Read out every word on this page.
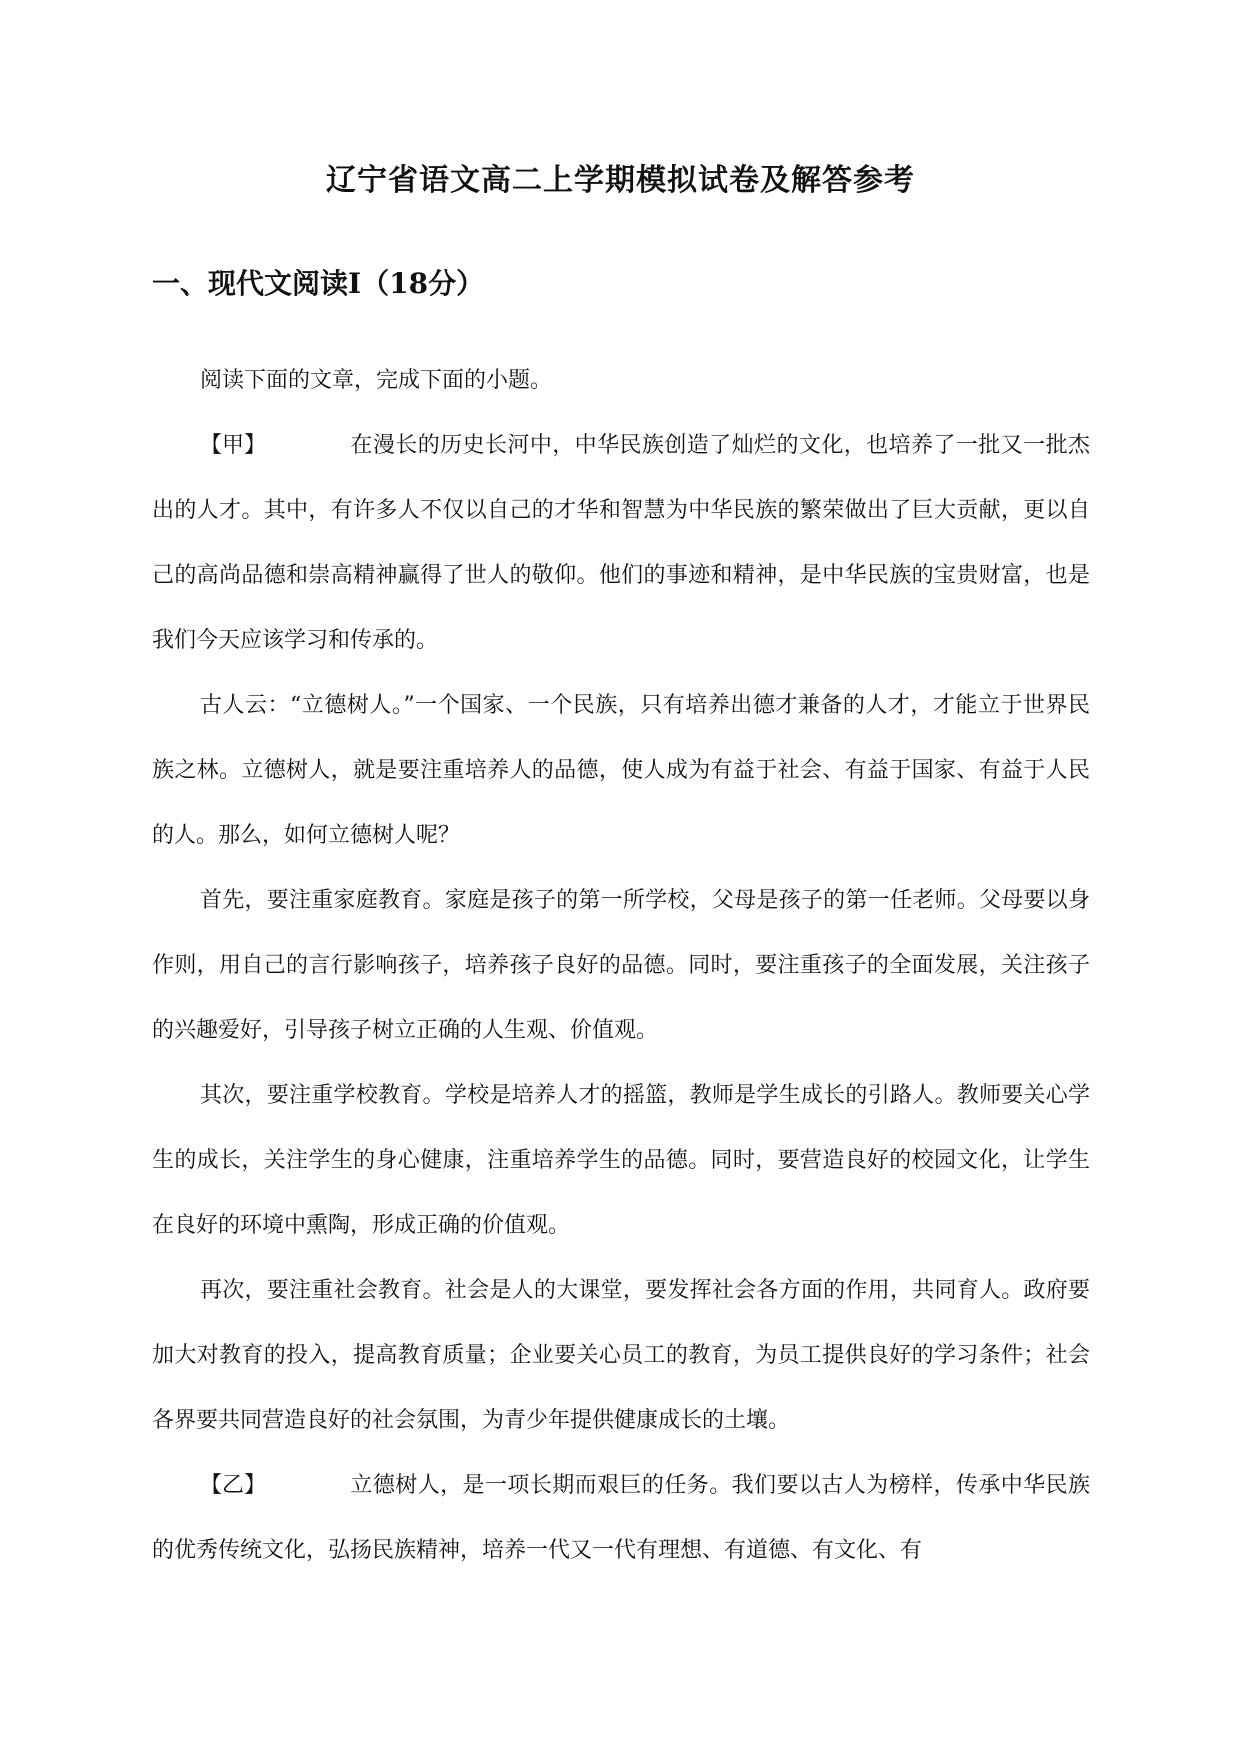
辽宁省语文高二上学期模拟试卷及解答参考
一、现代文阅读Ⅰ（18分）

阅读下面的文章，完成下面的小题。

【甲】	在漫长的历史长河中，中华民族创造了灿烂的文化，也培养了一批又一批杰出的人才。其中，有许多人不仅以自己的才华和智慧为中华民族的繁荣做出了巨大贡献，更以自己的高尚品德和崇高精神赢得了世人的敬仰。他们的事迹和精神，是中华民族的宝贵财富，也是我们今天应该学习和传承的。

古人云：“立德树人。”一个国家、一个民族，只有培养出德才兼备的人才，才能立于世界民族之林。立德树人，就是要注重培养人的品德，使人成为有益于社会、有益于国家、有益于人民的人。那么，如何立德树人呢？

首先，要注重家庭教育。家庭是孩子的第一所学校，父母是孩子的第一任老师。父母要以身作则，用自己的言行影响孩子，培养孩子良好的品德。同时，要注重孩子的全面发展，关注孩子的兴趣爱好，引导孩子树立正确的人生观、价值观。

其次，要注重学校教育。学校是培养人才的摇篮，教师是学生成长的引路人。教师要关心学生的成长，关注学生的身心健康，注重培养学生的品德。同时，要营造良好的校园文化，让学生在良好的环境中熏陶，形成正确的价值观。

再次，要注重社会教育。社会是人的大课堂，要发挥社会各方面的作用，共同育人。政府要加大对教育的投入，提高教育质量；企业要关心员工的教育，为员工提供良好的学习条件；社会各界要共同营造良好的社会氛围，为青少年提供健康成长的土壤。

【乙】	立德树人，是一项长期而艰巨的任务。我们要以古人为榜样，传承中华民族的优秀传统文化，弘扬民族精神，培养一代又一代有理想、有道德、有文化、有
